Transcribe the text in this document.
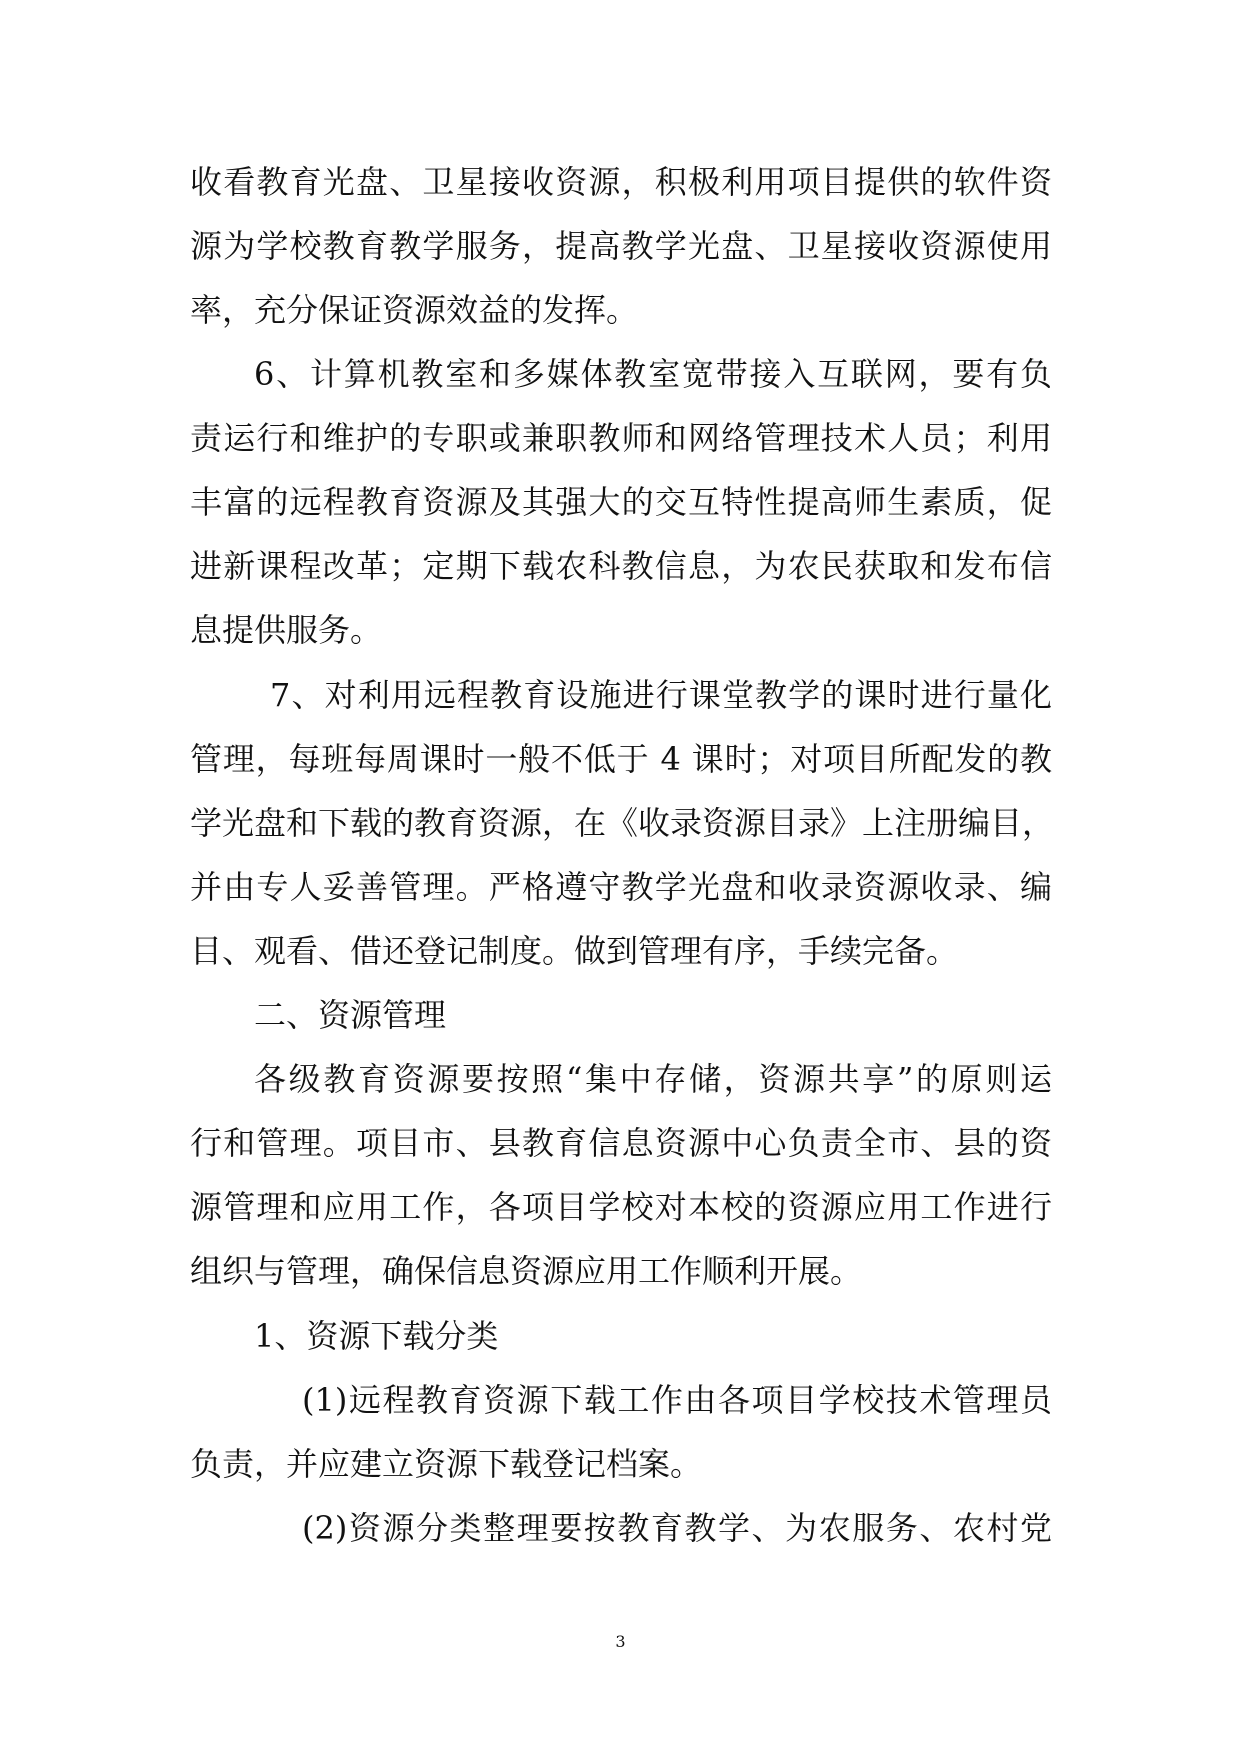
收看教育光盘、卫星接收资源，积极利用项目提供的软件资
源为学校教育教学服务，提高教学光盘、卫星接收资源使用
率，充分保证资源效益的发挥。
6、计算机教室和多媒体教室宽带接入互联网，要有负
责运行和维护的专职或兼职教师和网络管理技术人员；利用
丰富的远程教育资源及其强大的交互特性提高师生素质，促
进新课程改革；定期下载农科教信息，为农民获取和发布信
息提供服务。
7、对利用远程教育设施进行课堂教学的课时进行量化
管理，每班每周课时一般不低于 4 课时；对项目所配发的教
学光盘和下载的教育资源，在《收录资源目录》上注册编目，
并由专人妥善管理。严格遵守教学光盘和收录资源收录、编
目、观看、借还登记制度。做到管理有序，手续完备。
二、资源管理
各级教育资源要按照“集中存储，资源共享”的原则运
行和管理。项目市、县教育信息资源中心负责全市、县的资
源管理和应用工作，各项目学校对本校的资源应用工作进行
组织与管理，确保信息资源应用工作顺利开展。
1、资源下载分类
(1)远程教育资源下载工作由各项目学校技术管理员
负责，并应建立资源下载登记档案。
(2)资源分类整理要按教育教学、为农服务、农村党
3
